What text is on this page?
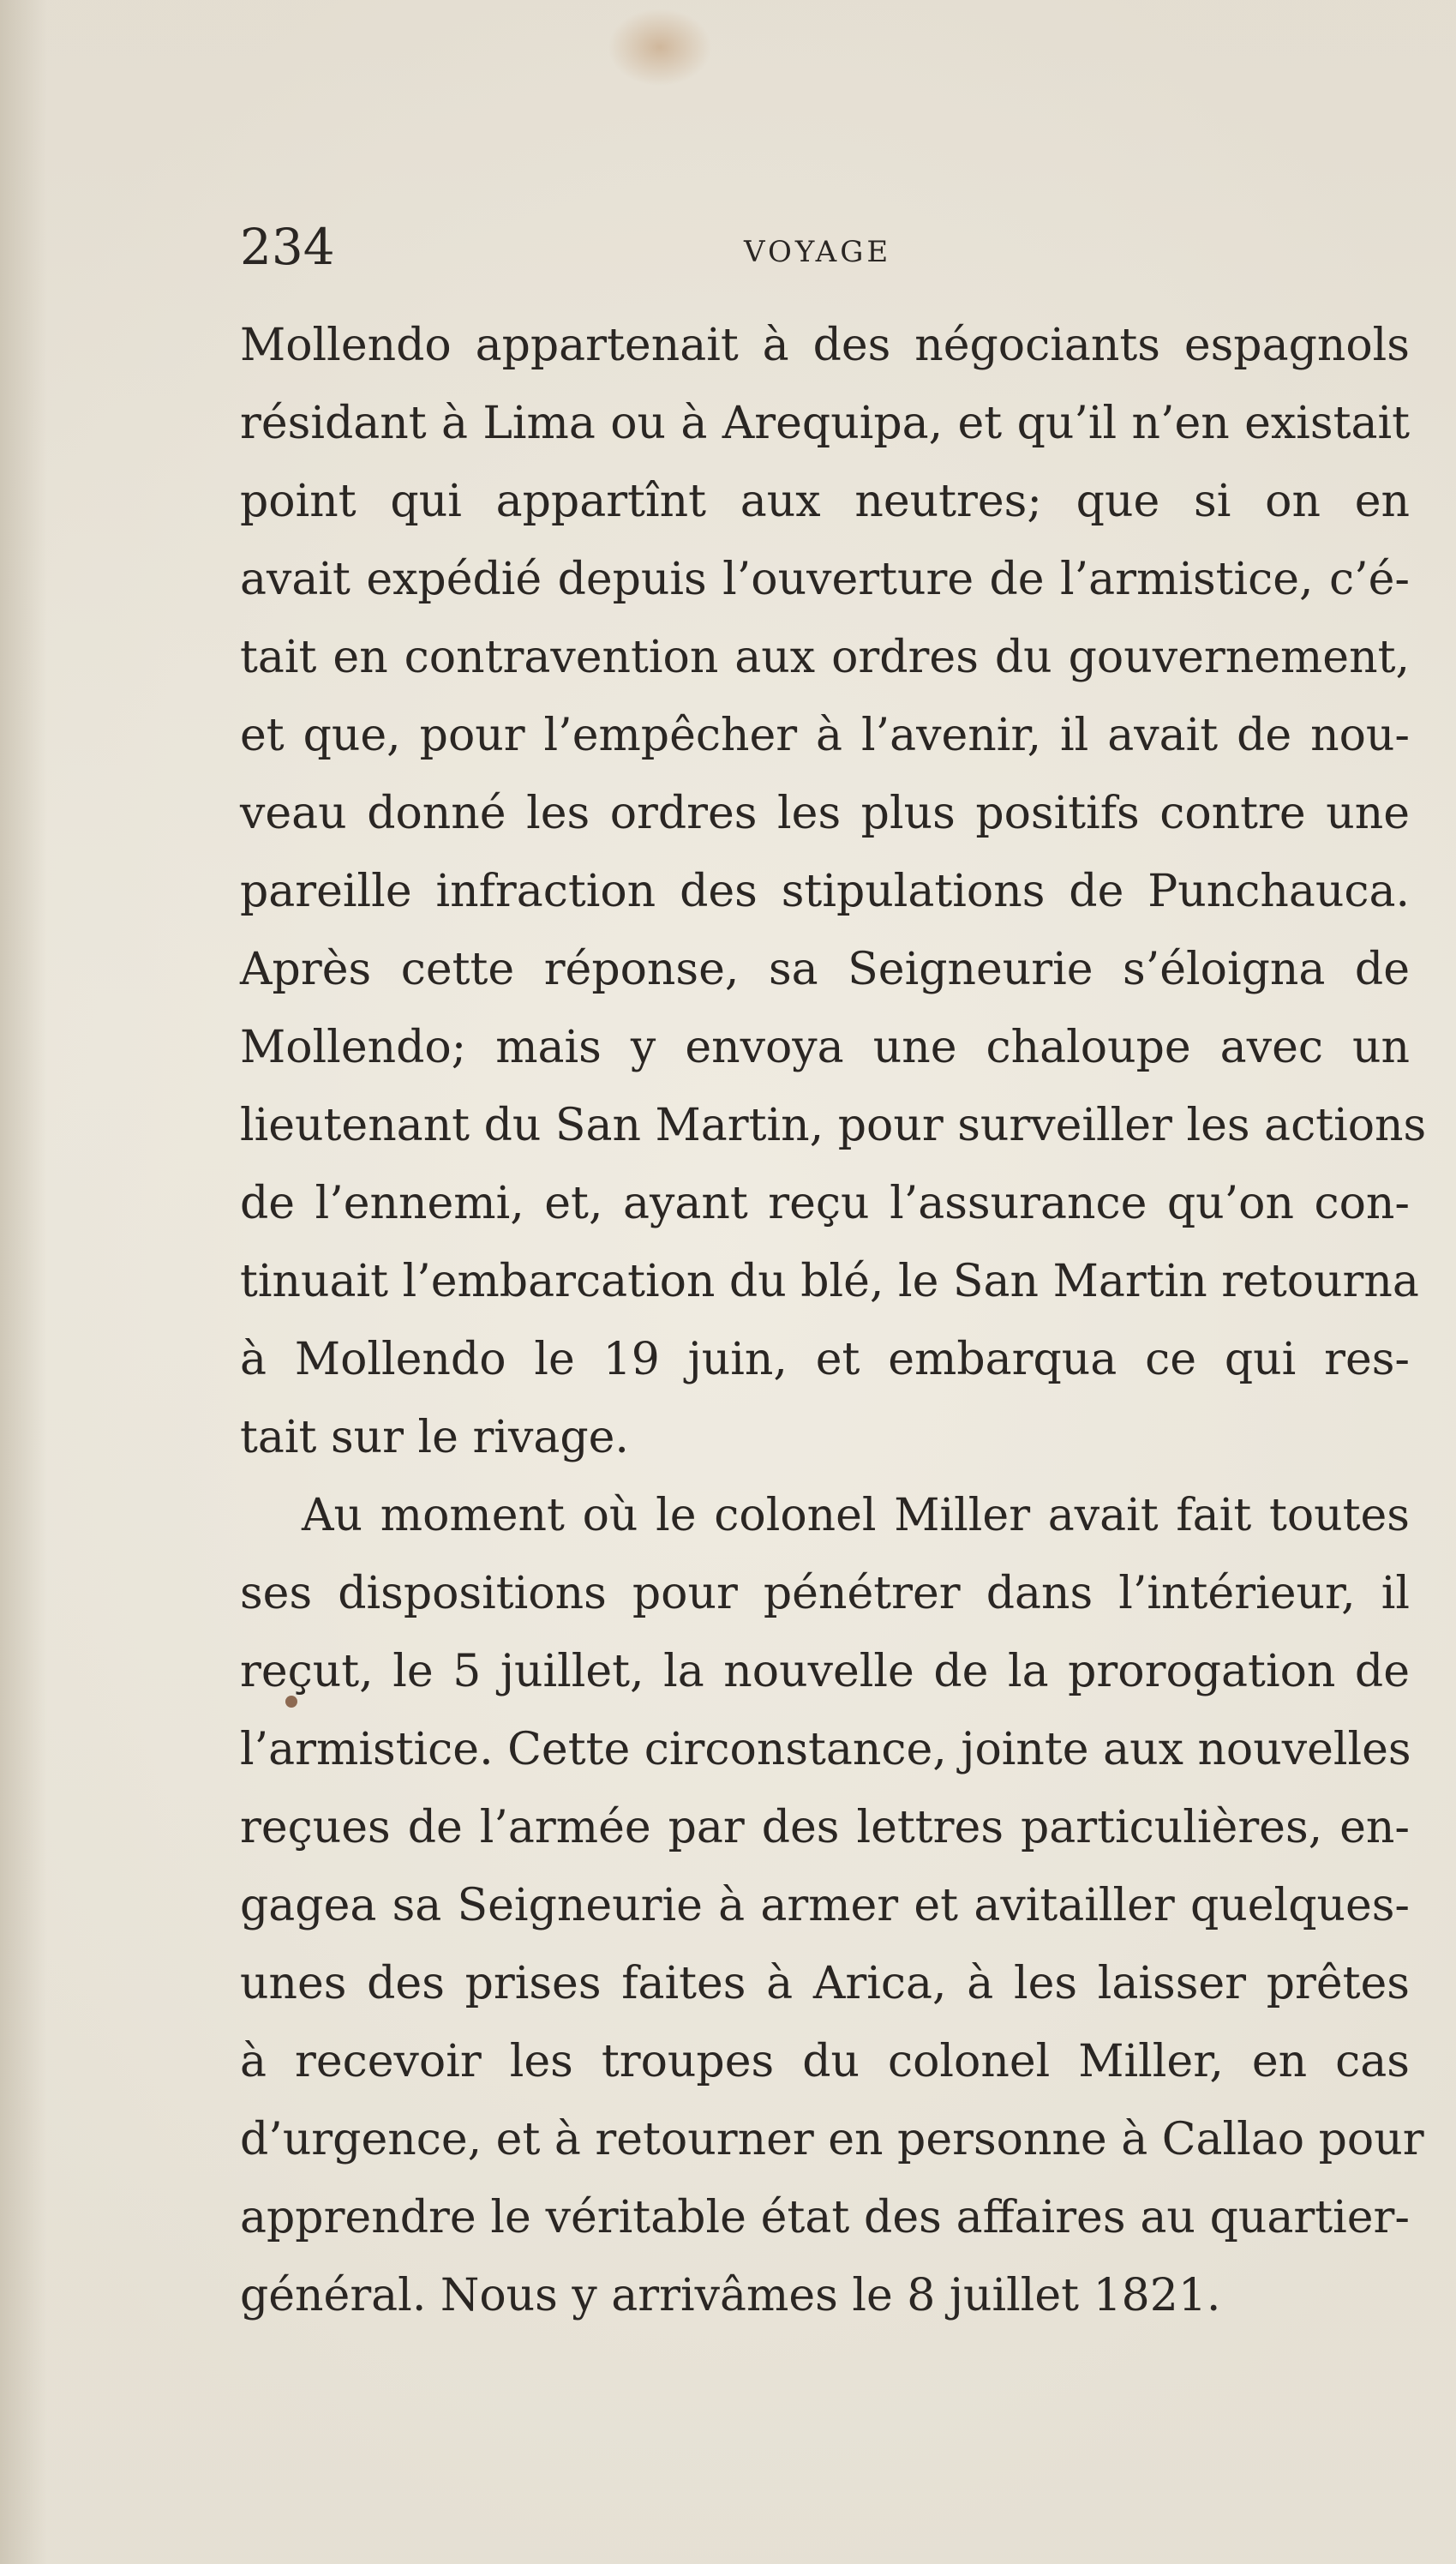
234	VOYAGE
Mollendo appartenait à des négociants espagnols
résidant à Lima ou à Arequipa, et qu’il n’en existait
point qui appartînt aux neutres; que si on en
avait expédié depuis l’ouverture de l’armistice, c’é-
tait en contravention aux ordres du gouvernement,
et que, pour l’empêcher à l’avenir, il avait de nou-
veau donné les ordres les plus positifs contre une
pareille infraction des stipulations de Punchauca.
Après cette réponse, sa Seigneurie s’éloigna de
Mollendo; mais y envoya une chaloupe avec un
lieutenant du San Martin, pour surveiller les actions
de l’ennemi, et, ayant reçu l’assurance qu’on con-
tinuait l’embarcation du blé, le San Martin retourna
à Mollendo le 19 juin, et embarqua ce qui res-
tait sur le rivage.
Au moment où le colonel Miller avait fait toutes
ses dispositions pour pénétrer dans l’intérieur, il
reçut, le 5 juillet, la nouvelle de la prorogation de
l’armistice. Cette circonstance, jointe aux nouvelles
reçues de l’armée par des lettres particulières, en-
gagea sa Seigneurie à armer et avitailler quelques-
unes des prises faites à Arica, à les laisser prêtes
à recevoir les troupes du colonel Miller, en cas
d’urgence, et à retourner en personne à Callao pour
apprendre le véritable état des affaires au quartier-
général. Nous y arrivâmes le 8 juillet 1821.
